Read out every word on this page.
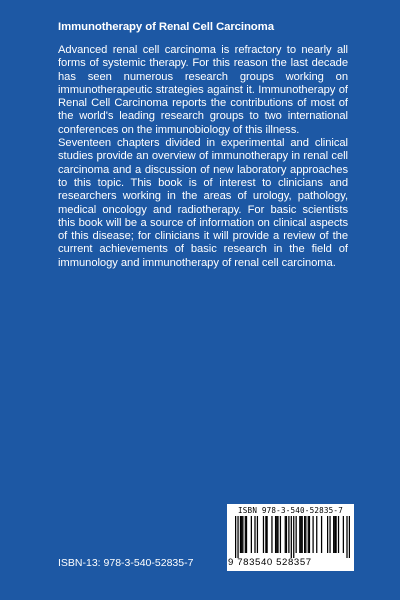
Immunotherapy of Renal Cell Carcinoma

Advanced renal cell carcinoma is refractory to nearly all forms of systemic therapy. For this reason the last decade has seen numerous research groups working on immunotherapeutic strategies against it. Immunotherapy of Renal Cell Carcinoma reports the contributions of most of the world's leading research groups to two international conferences on the immunobiology of this illness.

Seventeen chapters divided in experimental and clinical studies provide an overview of immunotherapy in renal cell carcinoma and a discussion of new laboratory approaches to this topic. This book is of interest to clinicians and researchers working in the areas of urology, pathology, medical oncology and radiotherapy. For basic scientists this book will be a source of information on clinical aspects of this disease; for clinicians it will provide a review of the current achievements of basic research in the field of immunology and immunotherapy of renal cell carcinoma.

ISBN-13: 978-3-540-52835-7
ISBN 978-3-540-52835-7
9 783540 528357
